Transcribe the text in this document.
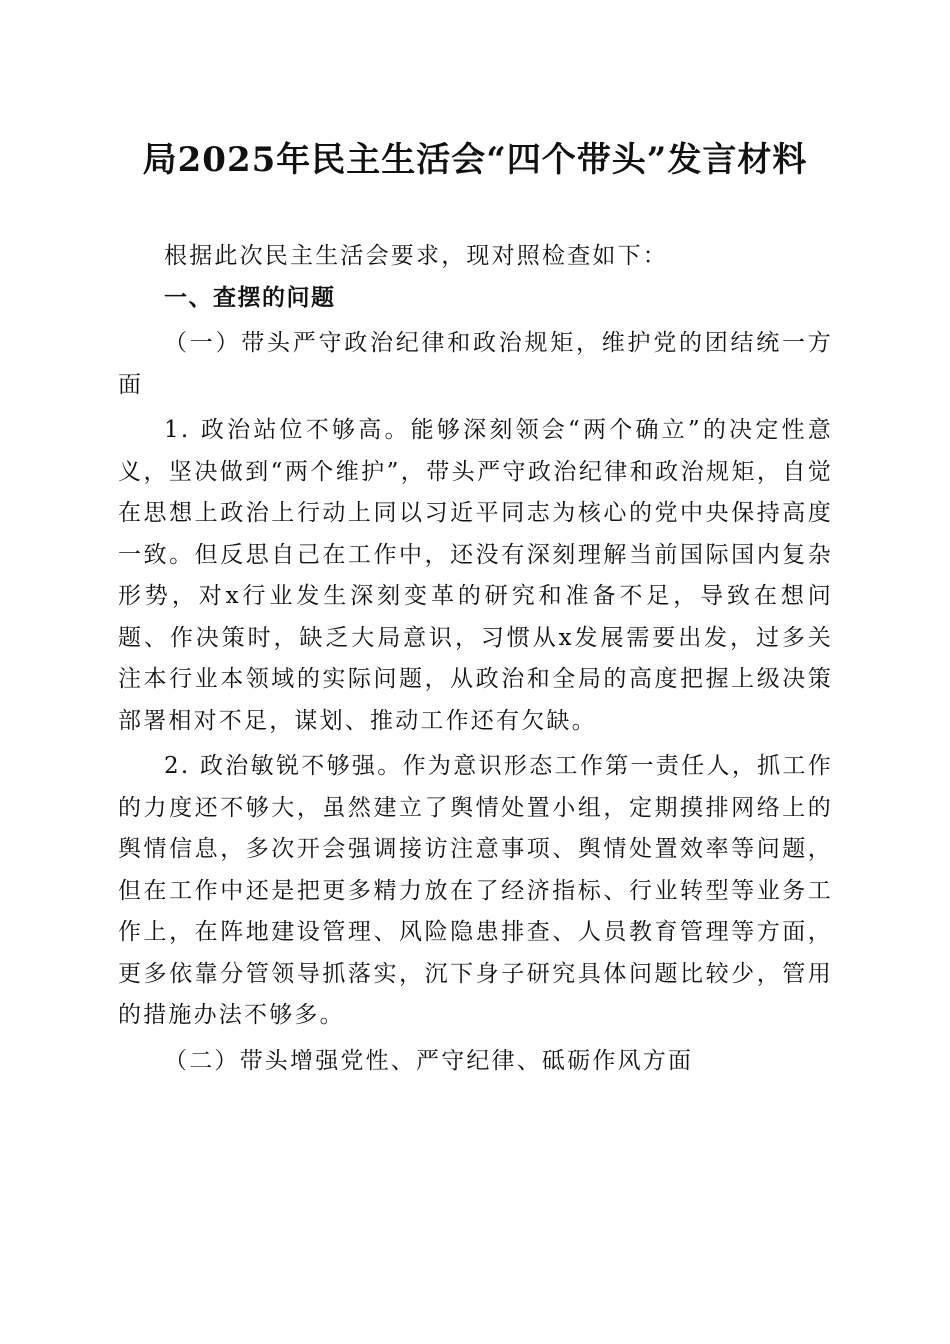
局2025年民主生活会“四个带头”发言材料

根据此次民主生活会要求，现对照检查如下：

一、查摆的问题

（一）带头严守政治纪律和政治规矩，维护党的团结统一方面

1. 政治站位不够高。能够深刻领会“两个确立”的决定性意义，坚决做到“两个维护”，带头严守政治纪律和政治规矩，自觉在思想上政治上行动上同以习近平同志为核心的党中央保持高度一致。但反思自己在工作中，还没有深刻理解当前国际国内复杂形势，对x行业发生深刻变革的研究和准备不足，导致在想问题、作决策时，缺乏大局意识，习惯从x发展需要出发，过多关注本行业本领域的实际问题，从政治和全局的高度把握上级决策部署相对不足，谋划、推动工作还有欠缺。

2. 政治敏锐不够强。作为意识形态工作第一责任人，抓工作的力度还不够大，虽然建立了舆情处置小组，定期摸排网络上的舆情信息，多次开会强调接访注意事项、舆情处置效率等问题，但在工作中还是把更多精力放在了经济指标、行业转型等业务工作上，在阵地建设管理、风险隐患排查、人员教育管理等方面，更多依靠分管领导抓落实，沉下身子研究具体问题比较少，管用的措施办法不够多。

（二）带头增强党性、严守纪律、砥砺作风方面
